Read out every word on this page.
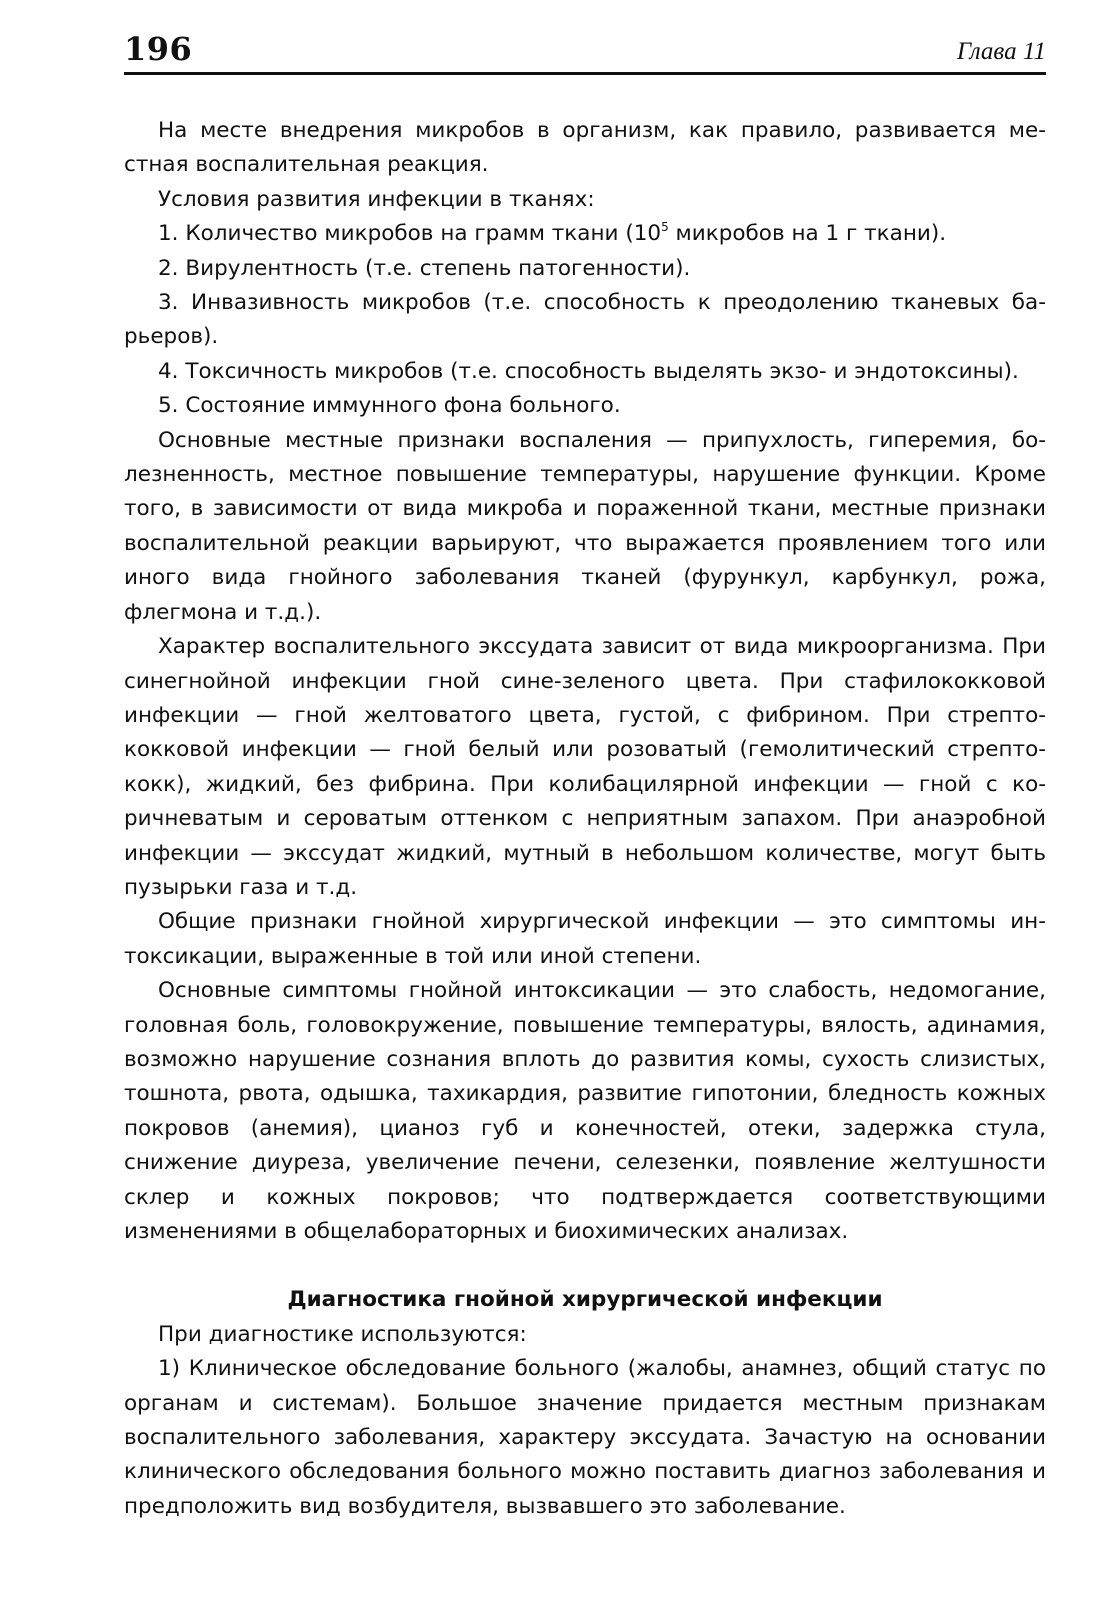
196	Глава 11

На месте внедрения микробов в организм, как правило, развивается местная воспалительная реакция.

Условия развития инфекции в тканях:

1. Количество микробов на грамм ткани ($10^5$ микробов на 1 г ткани).

2. Вирулентность (т.е. степень патогенности).

3. Инвазивность микробов (т.е. способность к преодолению тканевых барьеров).

4. Токсичность микробов (т.е. способность выделять экзо- и эндотоксины).

5. Состояние иммунного фона больного.

Основные местные признаки воспаления — припухлость, гиперемия, болезненность, местное повышение температуры, нарушение функции. Кроме того, в зависимости от вида микроба и пораженной ткани, местные признаки воспалительной реакции варьируют, что выражается проявлением того или иного вида гнойного заболевания тканей (фурункул, карбункул, рожа, флегмона и т.д.).

Характер воспалительного экссудата зависит от вида микроорганизма. При синегнойной инфекции гной сине-зеленого цвета. При стафилококковой инфекции — гной желтоватого цвета, густой, с фибрином. При стрептококковой инфекции — гной белый или розоватый (гемолитический стрептококк), жидкий, без фибрина. При колибацилярной инфекции — гной с коричневатым и сероватым оттенком с неприятным запахом. При анаэробной инфекции — экссудат жидкий, мутный в небольшом количестве, могут быть пузырьки газа и т.д.

Общие признаки гнойной хирургической инфекции — это симптомы интоксикации, выраженные в той или иной степени.

Основные симптомы гнойной интоксикации — это слабость, недомогание, головная боль, головокружение, повышение температуры, вялость, адинамия, возможно нарушение сознания вплоть до развития комы, сухость слизистых, тошнота, рвота, одышка, тахикардия, развитие гипотонии, бледность кожных покровов (анемия), цианоз губ и конечностей, отеки, задержка стула, снижение диуреза, увеличение печени, селезенки, появление желтушности склер и кожных покровов; что подтверждается соответствующими изменениями в общелабораторных и биохимических анализах.

Диагностика гнойной хирургической инфекции

При диагностике используются:

1) Клиническое обследование больного (жалобы, анамнез, общий статус по органам и системам). Большое значение придается местным признакам воспалительного заболевания, характеру экссудата. Зачастую на основании клинического обследования больного можно поставить диагноз заболевания и предположить вид возбудителя, вызвавшего это заболевание.
